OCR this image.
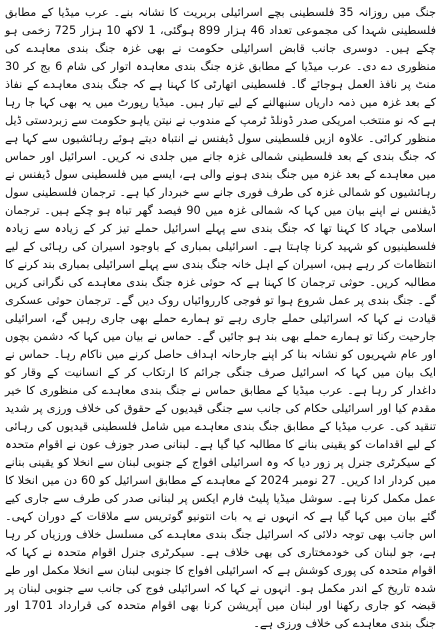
جنگ میں روزانہ 35 فلسطینی بچے اسرائیلی بربریت کا نشانہ بنے۔ عرب میڈیا کے مطابق فلسطینی شہدا کی مجموعی تعداد 46 ہزار 899 ہوگئی، 1 لاکھ 10 ہزار 725 زخمی ہو چکے ہیں۔ دوسری جانب قابض اسرائیلی حکومت نے بھی غزہ جنگ بندی معاہدے کی منظوری دے دی۔ عرب میڈیا کے مطابق غزہ جنگ بندی معاہدہ اتوار کی شام 6 بج کر 30 منٹ پر نافذ العمل ہوجائے گا۔ فلسطینی اتھارٹی کا کہنا ہے کہ جنگ بندی معاہدے کے نفاذ کے بعد غزہ میں ذمہ داریاں سنبھالنے کے لیے تیار ہیں۔ میڈیا رپورٹ میں یہ بھی کہا جا رہا ہے کہ نو منتخب امریکی صدر ڈونلڈ ٹرمپ کے مندوب نے نیتن یاہو حکومت سے زبردستی ڈیل منظور کرائی۔ علاوہ ازیں فلسطینی سول ڈیفنس نے انتباہ دیتے ہوئے رہائشیوں سے کہا ہے کہ جنگ بندی کے بعد فلسطینی شمالی غزہ جانے میں جلدی نہ کریں۔ اسرائیل اور حماس میں معاہدے کے بعد غزہ میں جنگ بندی ہونے والی ہے، ایسے میں فلسطینی سول ڈیفنس نے رہائشیوں کو شمالی غزہ کی طرف فوری جانے سے خبردار کیا ہے۔ ترجمان فلسطینی سول ڈیفنس نے اپنے بیان میں کہا کہ شمالی غزہ میں 90 فیصد گھر تباہ ہو چکے ہیں۔ ترجمان اسلامی جہاد کا کہنا تھا کہ جنگ بندی سے پہلے اسرائیل حملے تیز کر کے زیادہ سے زیادہ فلسطینیوں کو شہید کرنا چاہتا ہے۔ اسرائیلی بمباری کے باوجود اسیران کی رہائی کے لیے انتظامات کر رہے ہیں، اسیران کے اہل خانہ جنگ بندی سے پہلے اسرائیلی بمباری بند کرنے کا مطالبہ کریں۔ حوثی ترجمان کا کہنا ہے کہ حوثی غزہ جنگ بندی معاہدے کی نگرانی کریں گے۔ جنگ بندی پر عمل شروع ہوا تو فوجی کارروائیاں روک دیں گے۔ ترجمان حوثی عسکری قیادت نے کہا کہ اسرائیلی حملے جاری رہے تو ہمارے حملے بھی جاری رہیں گے، اسرائیلی جارحیت رکنا تو ہمارے حملے بھی بند ہو جائیں گے۔ حماس نے بیان میں کہا کہ دشمن بچوں اور عام شہریوں کو نشانہ بنا کر اپنے جارحانہ اہداف حاصل کرنے میں ناکام رہا۔ حماس نے ایک بیان میں کہا کہ اسرائیل صرف جنگی جرائم کا ارتکاب کر کے انسانیت کے وقار کو داغدار کر رہا ہے۔ عرب میڈیا کے مطابق حماس نے جنگ بندی معاہدے کی منظوری کا خیر مقدم کیا اور اسرائیلی حکام کی جانب سے جنگی قیدیوں کے حقوق کی خلاف ورزی پر شدید تنقید کی۔ عرب میڈیا کے مطابق جنگ بندی معاہدے میں شامل فلسطینی قیدیوں کی رہائی کے لیے اقدامات کو یقینی بنانے کا مطالبہ کیا گیا ہے۔ لبنانی صدر جوزف عون نے اقوام متحدہ کے سیکرٹری جنرل پر زور دیا کہ وہ اسرائیلی افواج کے جنوبی لبنان سے انخلا کو یقینی بنانے میں کردار ادا کریں۔ 27 نومبر 2024 کے معاہدے کے مطابق اسرائیل کو 60 دن میں انخلا کا عمل مکمل کرنا ہے۔ سوشل میڈیا پلیٹ فارم ایکس پر لبنانی صدر کی طرف سے جاری کیے گئے بیان میں کہا گیا ہے کہ انہوں نے یہ بات انتونیو گوتریس سے ملاقات کے دوران کہی۔ اس جانب بھی توجہ دلائی کہ اسرائیل جنگ بندی معاہدے کی مسلسل خلاف ورزیاں کر رہا ہے، جو لبنان کی خودمختاری کی بھی خلاف ہے۔ سیکرٹری جنرل اقوام متحدہ نے کہا کہ اقوام متحدہ کی پوری کوشش ہے کہ اسرائیلی افواج کا جنوبی لبنان سے انخلا مکمل اور طے شدہ تاریخ کے اندر مکمل ہو۔ انہوں نے کہا کہ اسرائیلی فوج کی جانب سے جنوبی لبنان پر قبضہ کو جاری رکھنا اور لبنان میں آپریشن کرنا بھی اقوام متحدہ کی قرارداد 1701 اور جنگ بندی معاہدے کی خلاف ورزی ہے۔
